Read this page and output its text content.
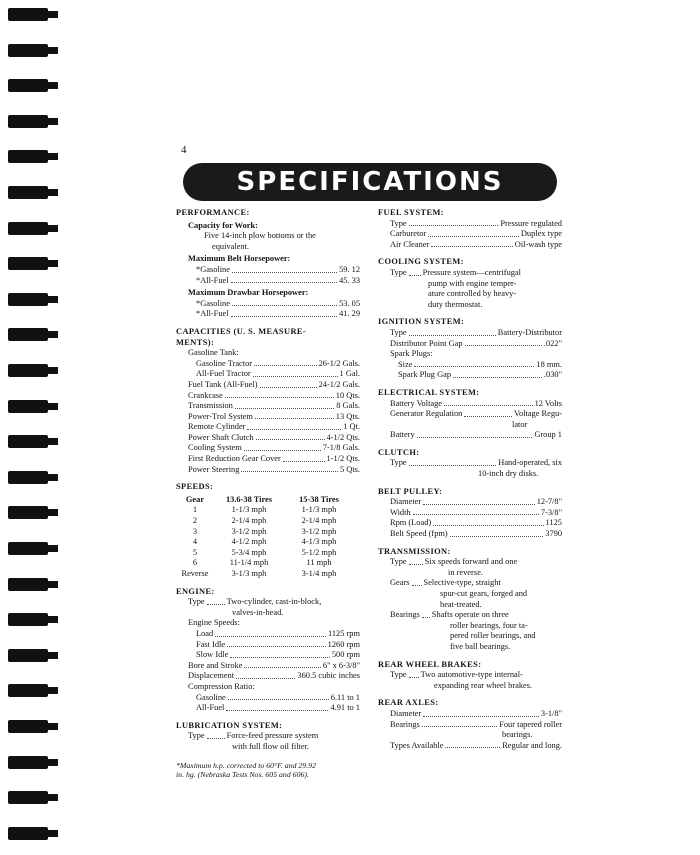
4
SPECIFICATIONS
PERFORMANCE:
Capacity for Work:
Five 14-inch plow bottoms or the
equivalent.
Maximum Belt Horsepower:
*Gasoline	59. 12
*All-Fuel	45. 33
Maximum Drawbar Horsepower:
*Gasoline	53. 05
*All-Fuel	41. 29
CAPACITIES (U. S. MEASURE-
MENTS):
Gasoline Tank:
Gasoline Tractor	26-1/2 Gals.
All-Fuel Tractor	1 Gal.
Fuel Tank (All-Fuel)	24-1/2 Gals.
Crankcase	10 Qts.
Transmission	8 Gals.
Power-Trol System	13 Qts.
Remote Cylinder	1 Qt.
Power Shaft Clutch	4-1/2 Qts.
Cooling System	7-1/8 Gals.
First Reduction Gear Cover	1-1/2 Qts.
Power Steering	5 Qts.
SPEEDS:
Gear	13.6-38 Tires	15-38 Tires
1	1-1/3 mph	1-1/3 mph
2	2-1/4 mph	2-1/4 mph
3	3-1/2 mph	3-1/2 mph
4	4-1/2 mph	4-1/3 mph
5	5-3/4 mph	5-1/2 mph
6	11-1/4 mph	11 mph
Reverse	3-1/3 mph	3-1/4 mph
ENGINE:
Type	Two-cylinder, cast-in-block,
valves-in-head.
Engine Speeds:
Load	1125 rpm
Fast Idle	1260 rpm
Slow Idle	500 rpm
Bore and Stroke	6" x 6-3/8"
Displacement	360.5 cubic inches
Compression Ratio:
Gasoline	6.11 to 1
All-Fuel	4.91 to 1
LUBRICATION SYSTEM:
Type	Force-feed pressure system
with full flow oil filter.
*Maximum h.p. corrected to 60°F. and 29.92
in. hg. (Nebraska Tests Nos. 605 and 606).
FUEL SYSTEM:
Type	Pressure regulated
Carburetor	Duplex type
Air Cleaner	Oil-wash type
COOLING SYSTEM:
Type Pressure system—centrifugal
pump with engine temper-
ature controlled by heavy-
duty thermostat.
IGNITION SYSTEM:
Type	Battery-Distributor
Distributor Point Gap	.022"
Spark Plugs:
Size	18 mm.
Spark Plug Gap	.030"
ELECTRICAL SYSTEM:
Battery Voltage	12 Volts
Generator Regulation	Voltage Regu-
lator
Battery	Group 1
CLUTCH:
Type	Hand-operated, six
10-inch dry disks.
BELT PULLEY:
Diameter	12-7/8"
Width	7-3/8"
Rpm (Load)	1125
Belt Speed (fpm)	3790
TRANSMISSION:
Type Six speeds forward and one
in reverse.
Gears Selective-type, straight
spur-cut gears, forged and
heat-treated.
Bearings Shafts operate on three
roller bearings, four ta-
pered roller bearings, and
five ball bearings.
REAR WHEEL BRAKES:
Type Two automotive-type internal-
expanding rear wheel brakes.
REAR AXLES:
Diameter	3-1/8"
Bearings	Four tapered roller
bearings.
Types Available	Regular and long.
